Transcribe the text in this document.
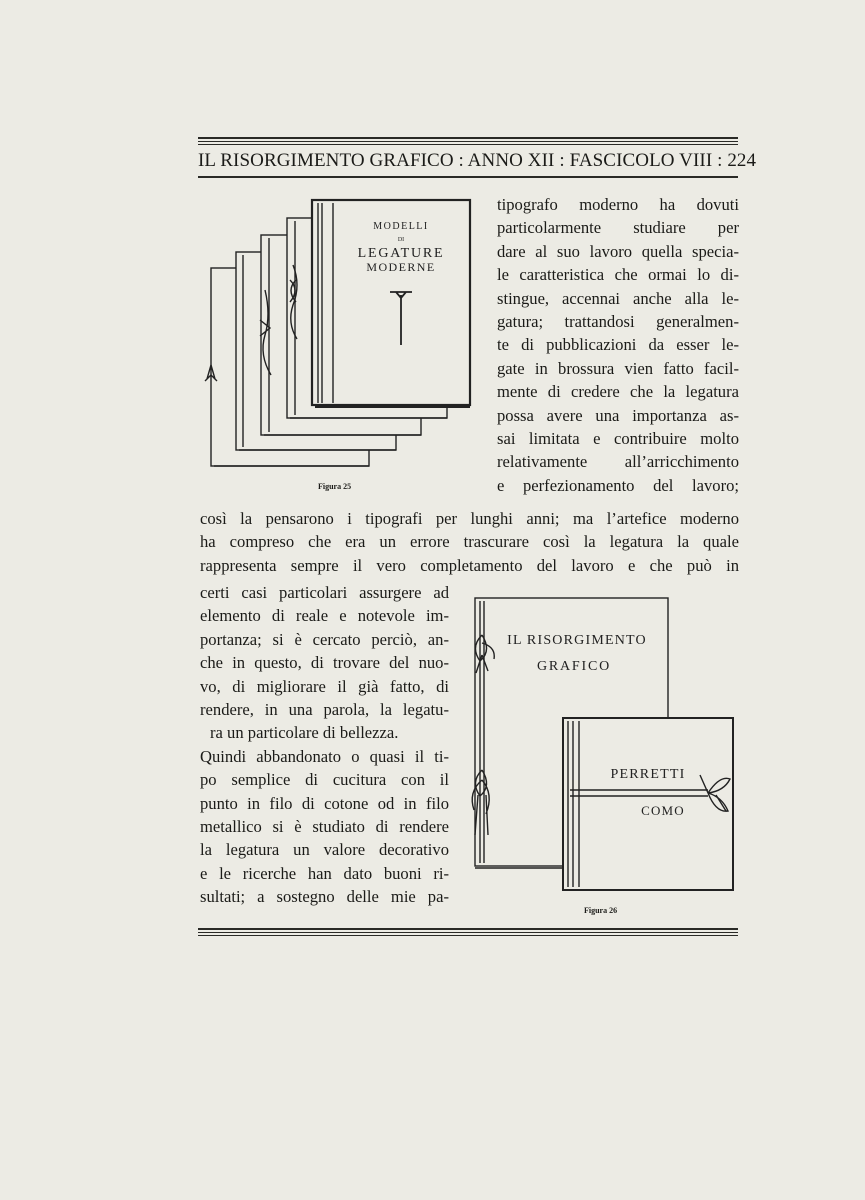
IL RISORGIMENTO GRAFICO : ANNO XII : FASCICOLO VIII : 224
MODELLI
DI
LEGATURE
MODERNE
Figura 25
tipografo moderno ha dovuti
particolarmente studiare per
dare al suo lavoro quella specia-
le caratteristica che ormai lo di-
stingue, accennai anche alla le-
gatura; trattandosi generalmen-
te di pubblicazioni da esser le-
gate in brossura vien fatto facil-
mente di credere che la legatura
possa avere una importanza as-
sai limitata e contribuire molto
relativamente all’arricchimento
e perfezionamento del lavoro;
così la pensarono i tipografi per lunghi anni; ma l’artefice moderno
ha compreso che era un errore trascurare così la legatura la quale
rappresenta sempre il vero completamento del lavoro e che può in
certi casi particolari assurgere ad
elemento di reale e notevole im-
portanza; si è cercato perciò, an-
che in questo, di trovare del nuo-
vo, di migliorare il già fatto, di
rendere, in una parola, la legatu-
ra un particolare di bellezza.
Quindi abbandonato o quasi il ti-
po semplice di cucitura con il
punto in filo di cotone od in filo
metallico si è studiato di rendere
la legatura un valore decorativo
e le ricerche han dato buoni ri-
sultati; a sostegno delle mie pa-
IL RISORGIMENTO
GRAFICO
PERRETTI
COMO
Figura 26
